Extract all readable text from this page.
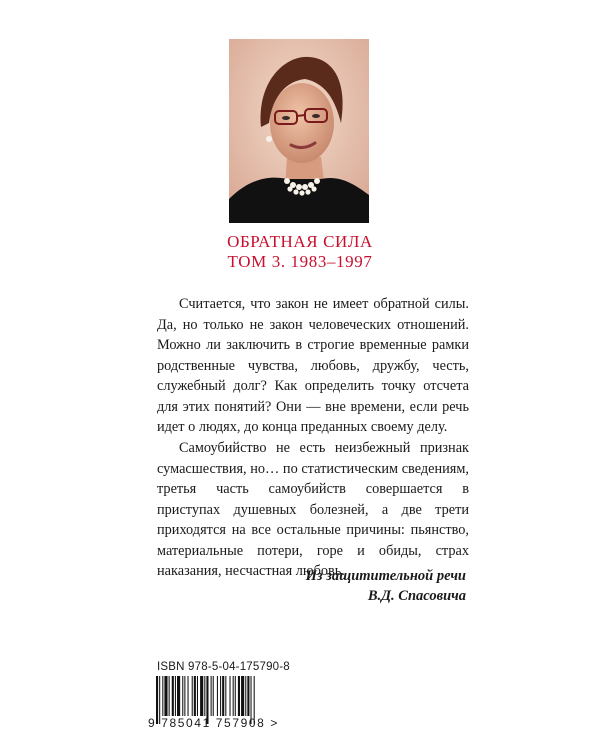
ОБРАТНАЯ СИЛА
ТОМ 3. 1983–1997

Считается, что закон не имеет обратной силы. Да, но только не закон человеческих отношений. Можно ли заключить в строгие временные рамки родственные чувства, любовь, дружбу, честь, служебный долг? Как определить точку отсчета для этих понятий? Они — вне времени, если речь идет о людях, до конца преданных своему делу.

Самоубийство не есть неизбежный признак сумасшествия, но… по статистическим сведениям, третья часть самоубийств совершается в приступах душевных болезней, а две трети приходятся на все остальные причины: пьянство, материальные потери, горе и обиды, страх наказания, несчастная любовь.

Из защитительной речи
В.Д. Спасовича
ISBN 978-5-04-175790-8
9 785041 757908 >
